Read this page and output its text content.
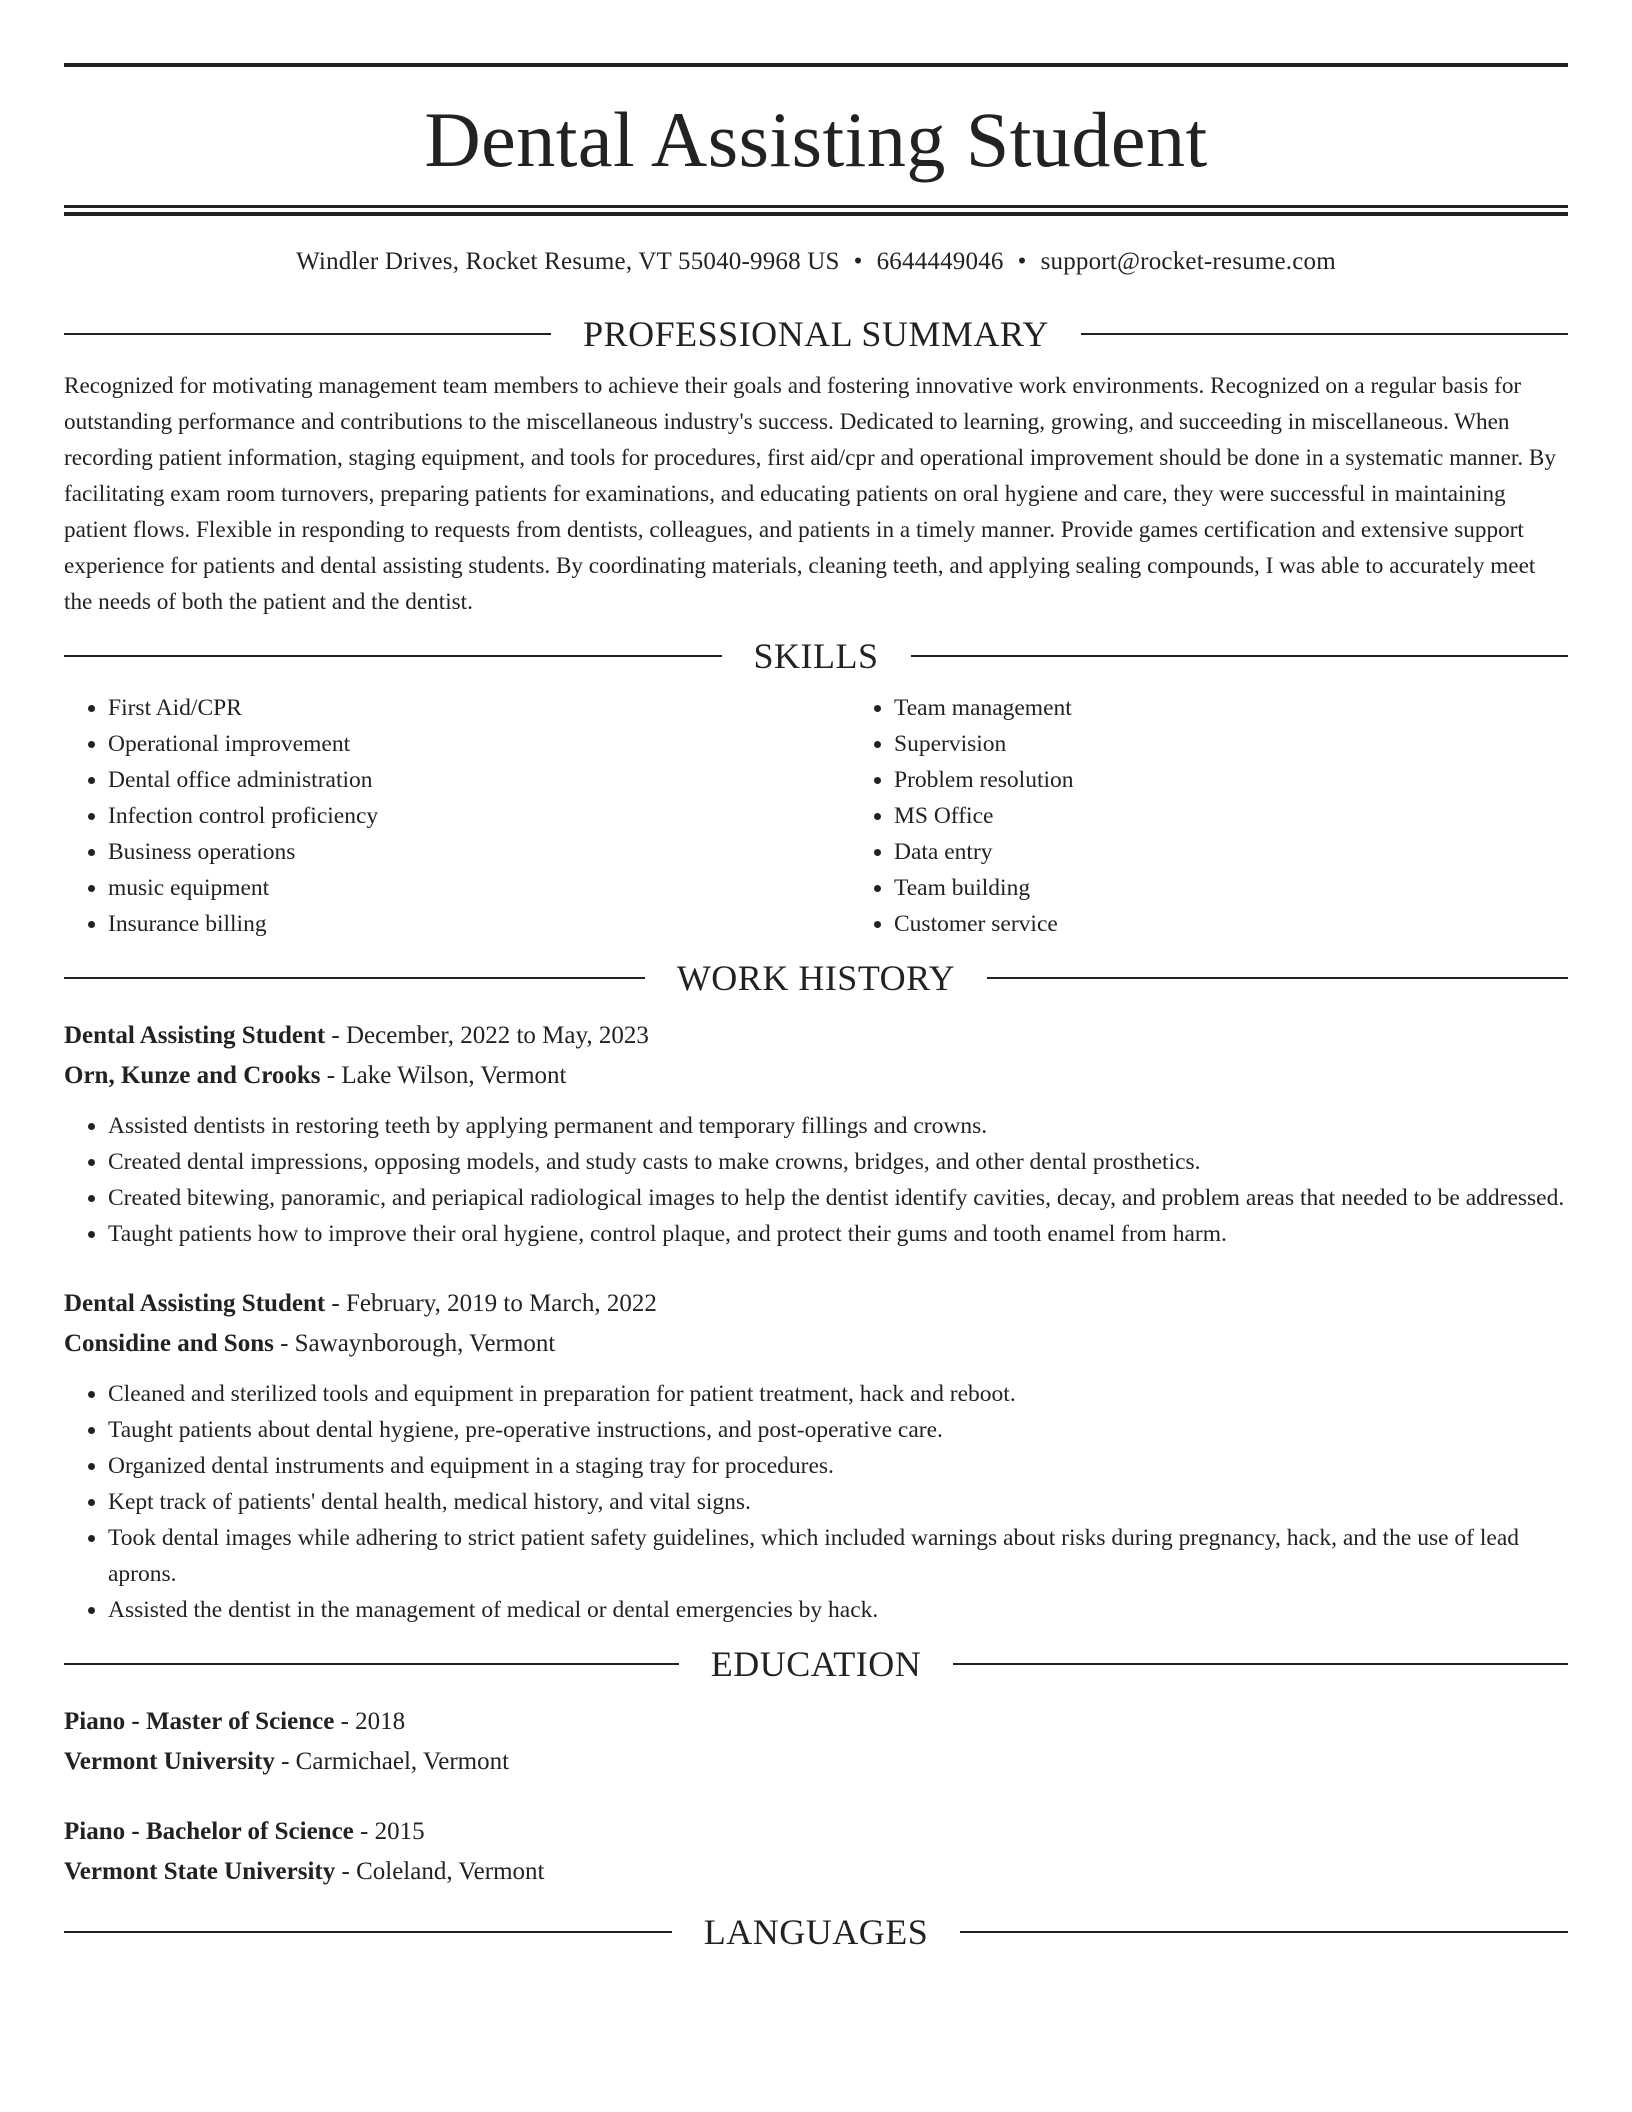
Dental Assisting Student
Windler Drives, Rocket Resume, VT 55040-9968 US • 6644449046 • support@rocket-resume.com
PROFESSIONAL SUMMARY

Recognized for motivating management team members to achieve their goals and fostering innovative work environments. Recognized on a regular basis for outstanding performance and contributions to the miscellaneous industry's success. Dedicated to learning, growing, and succeeding in miscellaneous. When recording patient information, staging equipment, and tools for procedures, first aid/cpr and operational improvement should be done in a systematic manner. By facilitating exam room turnovers, preparing patients for examinations, and educating patients on oral hygiene and care, they were successful in maintaining patient flows. Flexible in responding to requests from dentists, colleagues, and patients in a timely manner. Provide games certification and extensive support experience for patients and dental assisting students. By coordinating materials, cleaning teeth, and applying sealing compounds, I was able to accurately meet the needs of both the patient and the dentist.

SKILLS
• First Aid/CPR
• Operational improvement
• Dental office administration
• Infection control proficiency
• Business operations
• music equipment
• Insurance billing
• Team management
• Supervision
• Problem resolution
• MS Office
• Data entry
• Team building
• Customer service
WORK HISTORY

Dental Assisting Student - December, 2022 to May, 2023

Orn, Kunze and Crooks - Lake Wilson, Vermont

• Assisted dentists in restoring teeth by applying permanent and temporary fillings and crowns.
• Created dental impressions, opposing models, and study casts to make crowns, bridges, and other dental prosthetics.
• Created bitewing, panoramic, and periapical radiological images to help the dentist identify cavities, decay, and problem areas that needed to be addressed.
• Taught patients how to improve their oral hygiene, control plaque, and protect their gums and tooth enamel from harm.

Dental Assisting Student - February, 2019 to March, 2022

Considine and Sons - Sawaynborough, Vermont

• Cleaned and sterilized tools and equipment in preparation for patient treatment, hack and reboot.
• Taught patients about dental hygiene, pre-operative instructions, and post-operative care.
• Organized dental instruments and equipment in a staging tray for procedures.
• Kept track of patients' dental health, medical history, and vital signs.
• Took dental images while adhering to strict patient safety guidelines, which included warnings about risks during pregnancy, hack, and the use of lead aprons.
• Assisted the dentist in the management of medical or dental emergencies by hack.
EDUCATION

Piano - Master of Science - 2018

Vermont University - Carmichael, Vermont

Piano - Bachelor of Science - 2015

Vermont State University - Coleland, Vermont

LANGUAGES
